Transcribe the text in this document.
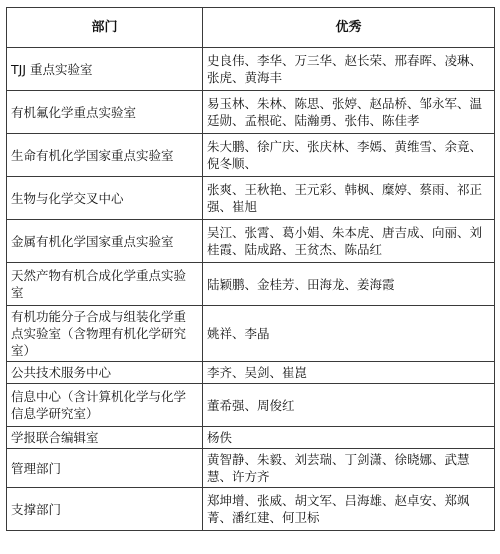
部门	优秀
TJJ 重点实验室	史良伟、李华、万三华、赵长荣、邢春晖、凌琳、张虎、黄海丰
有机氟化学重点实验室	易玉林、朱林、陈思、张婷、赵品桥、邹永军、温廷勋、孟根砣、陆瀚勇、张伟、陈佳孝
生命有机化学国家重点实验室	朱大鹏、徐广庆、张庆林、李嫣、黄维雪、余竟、倪冬顺、
生物与化学交叉中心	张爽、王秋艳、王元彩、韩枫、糜婷、蔡雨、祁正强、崔旭
金属有机化学国家重点实验室	吴江、张霄、葛小娟、朱本虎、唐吉成、向丽、刘桂霞、陆成路、王贫杰、陈品红
天然产物有机合成化学重点实验室	陆颖鹏、金桂芳、田海龙、姜海霞
有机功能分子合成与组装化学重点实验室（含物理有机化学研究室）	姚祥、李晶
公共技术服务中心	李齐、吴剑、崔崑
信息中心（含计算机化学与化学信息学研究室）	董希强、周俊红
学报联合编辑室	杨佚
管理部门	黄智静、朱毅、刘芸瑞、丁剑潇、徐晓娜、武慧慧、许方齐
支撑部门	郑坤增、张威、胡文军、吕海雄、赵卓安、郑飒菁、潘红建、何卫标
